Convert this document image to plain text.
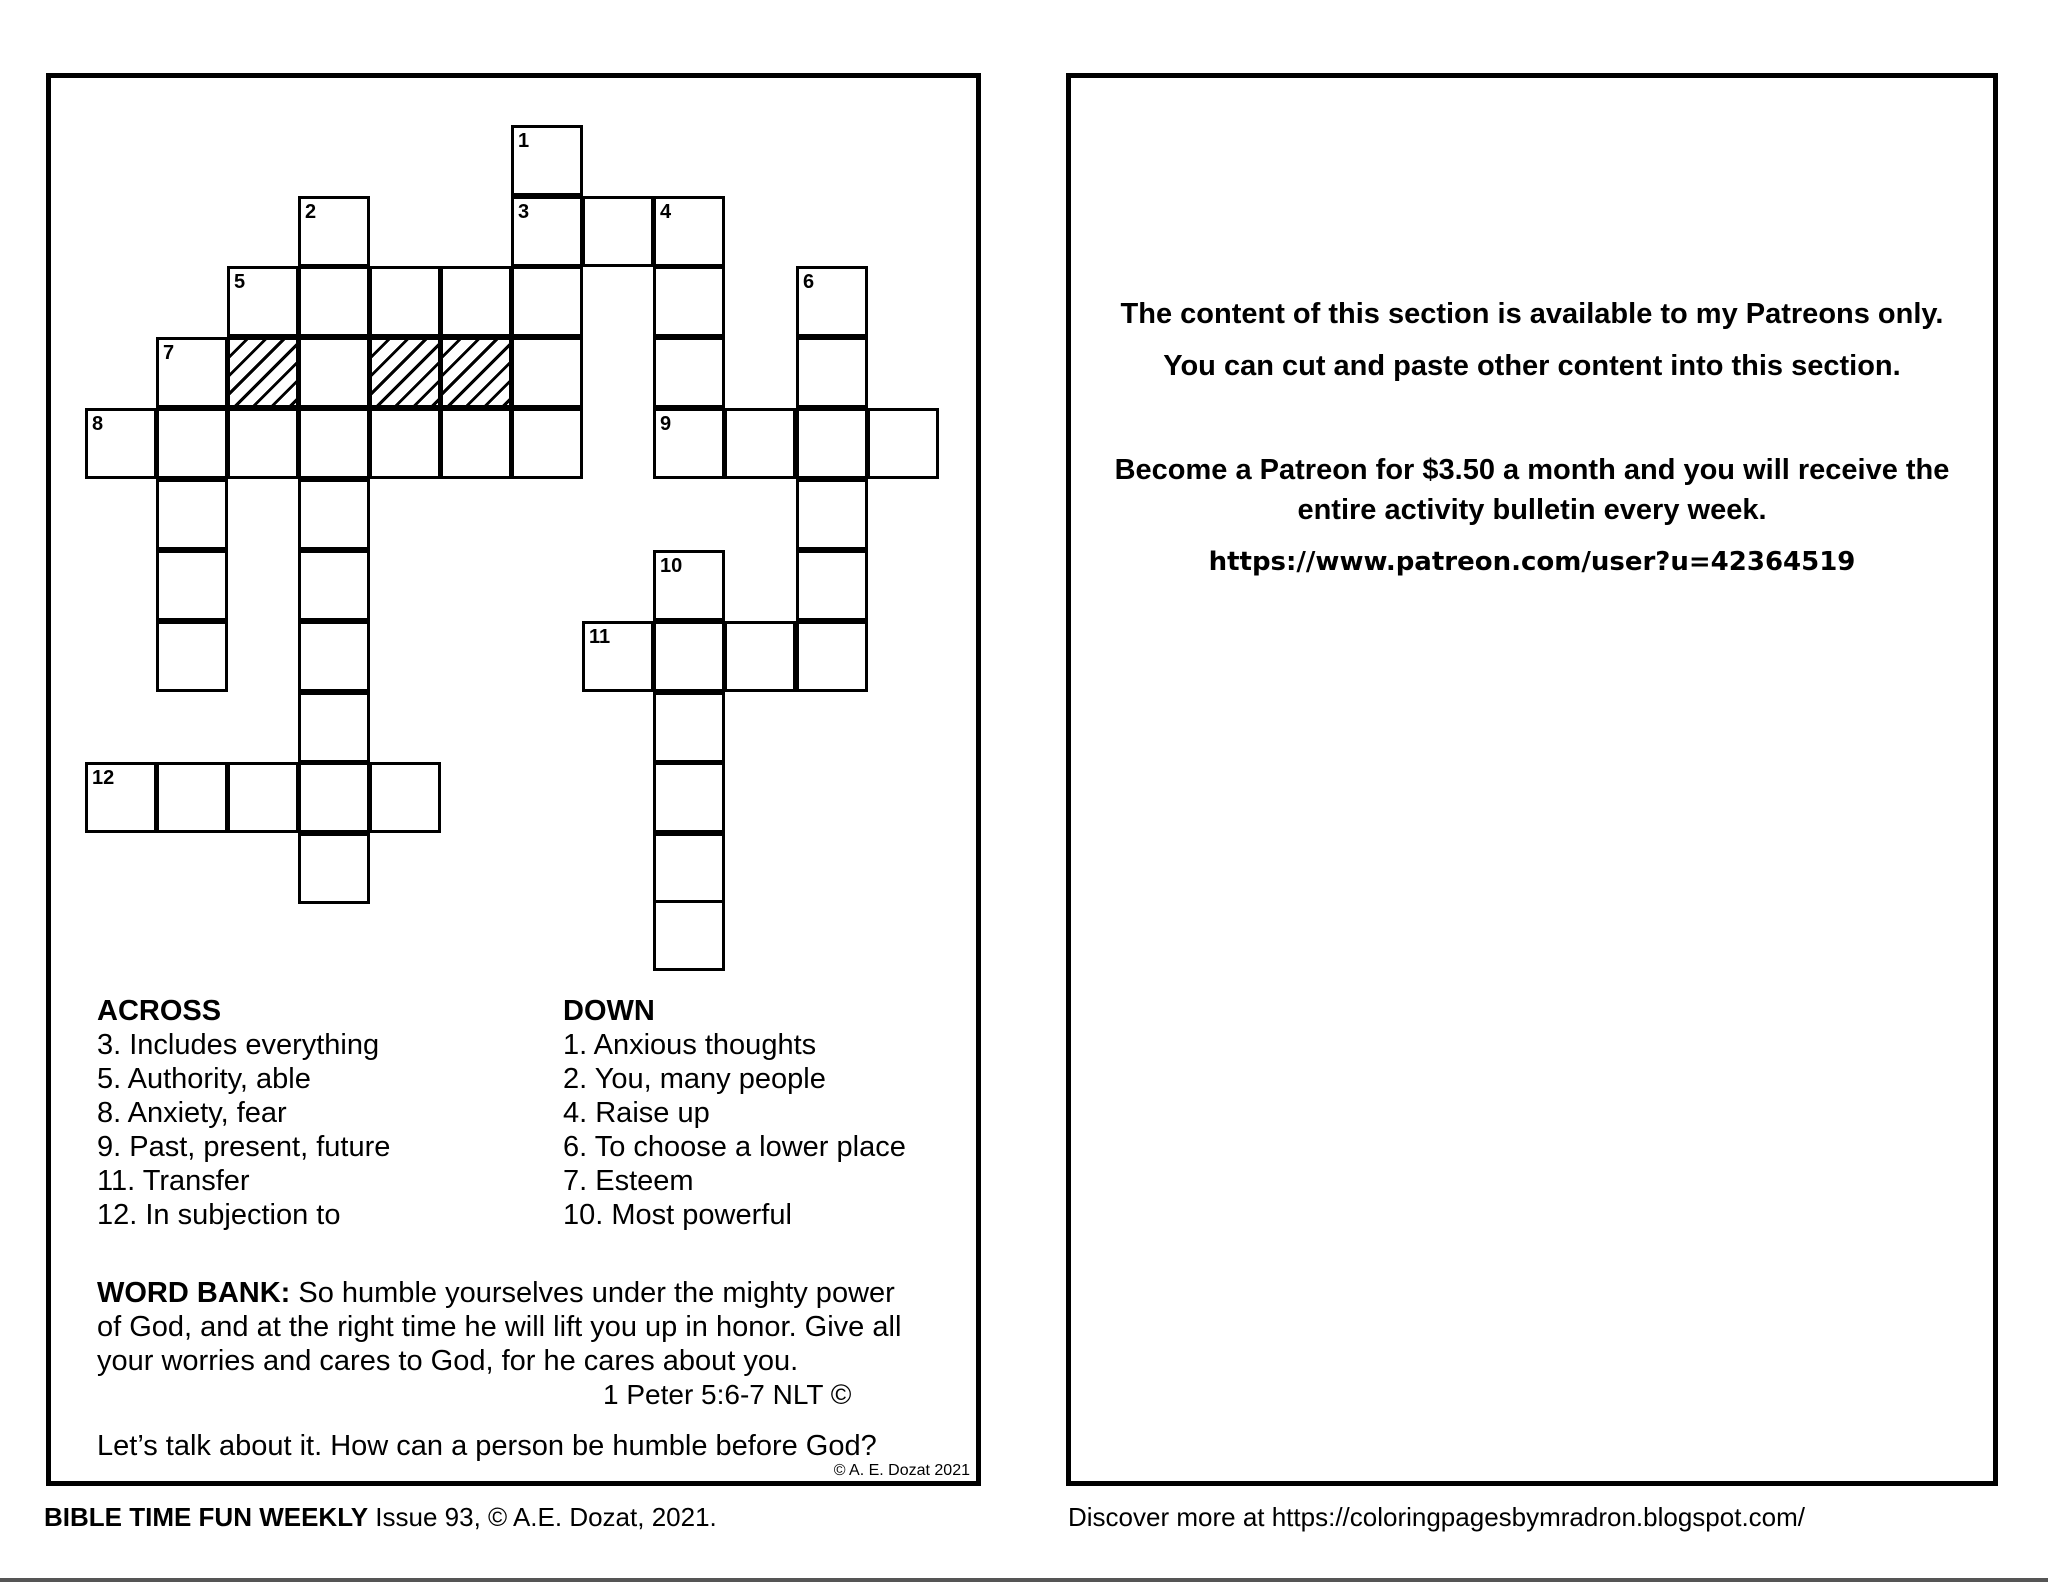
1
2	3	4
5	6
7
8	9
10
11
12
ACROSS
3. Includes everything
5. Authority, able
8. Anxiety, fear
9. Past, present, future
11. Transfer
12. In subjection to
DOWN
1. Anxious thoughts
2. You, many people
4. Raise up
6. To choose a lower place
7. Esteem
10. Most powerful
WORD BANK: So humble yourselves under the mighty power of God, and at the right time he will lift you up in honor. Give all your worries and cares to God, for he cares about you.
1 Peter 5:6-7 NLT ©
Let’s talk about it. How can a person be humble before God?
© A. E. Dozat 2021
The content of this section is available to my Patreons only.
You can cut and paste other content into this section.
Become a Patreon for $3.50 a month and you will receive the entire activity bulletin every week.
https://www.patreon.com/user?u=42364519
BIBLE TIME FUN WEEKLY Issue 93, © A.E. Dozat, 2021.	Discover more at https://coloringpagesbymradron.blogspot.com/
